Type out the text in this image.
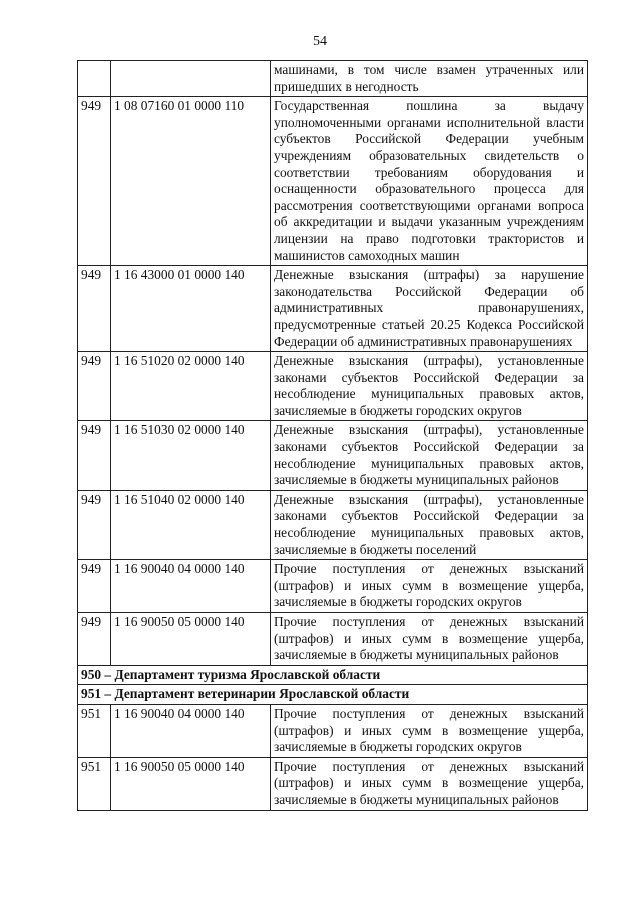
54
		машинами, в том числе взамен утраченных или пришедших в негодность
949	1 08 07160 01 0000 110	Государственная пошлина за выдачу уполномоченными органами исполнительной власти субъектов Российской Федерации учебным учреждениям образовательных свидетельств о соответствии требованиям оборудования и оснащенности образовательного процесса для рассмотрения соответствующими органами вопроса об аккредитации и выдачи указанным учреждениям лицензии на право подготовки трактористов и машинистов самоходных машин
949	1 16 43000 01 0000 140	Денежные взыскания (штрафы) за нарушение законодательства Российской Федерации об административных правонарушениях, предусмотренные статьей 20.25 Кодекса Российской Федерации об административных правонарушениях
949	1 16 51020 02 0000 140	Денежные взыскания (штрафы), установленные законами субъектов Российской Федерации за несоблюдение муниципальных правовых актов, зачисляемые в бюджеты городских округов
949	1 16 51030 02 0000 140	Денежные взыскания (штрафы), установленные законами субъектов Российской Федерации за несоблюдение муниципальных правовых актов, зачисляемые в бюджеты муниципальных районов
949	1 16 51040 02 0000 140	Денежные взыскания (штрафы), установленные законами субъектов Российской Федерации за несоблюдение муниципальных правовых актов, зачисляемые в бюджеты поселений
949	1 16 90040 04 0000 140	Прочие поступления от денежных взысканий (штрафов) и иных сумм в возмещение ущерба, зачисляемые в бюджеты городских округов
949	1 16 90050 05 0000 140	Прочие поступления от денежных взысканий (штрафов) и иных сумм в возмещение ущерба, зачисляемые в бюджеты муниципальных районов
950 – Департамент туризма Ярославской области		
951 – Департамент ветеринарии Ярославской области		
951	1 16 90040 04 0000 140	Прочие поступления от денежных взысканий (штрафов) и иных сумм в возмещение ущерба, зачисляемые в бюджеты городских округов
951	1 16 90050 05 0000 140	Прочие поступления от денежных взысканий (штрафов) и иных сумм в возмещение ущерба, зачисляемые в бюджеты муниципальных районов
